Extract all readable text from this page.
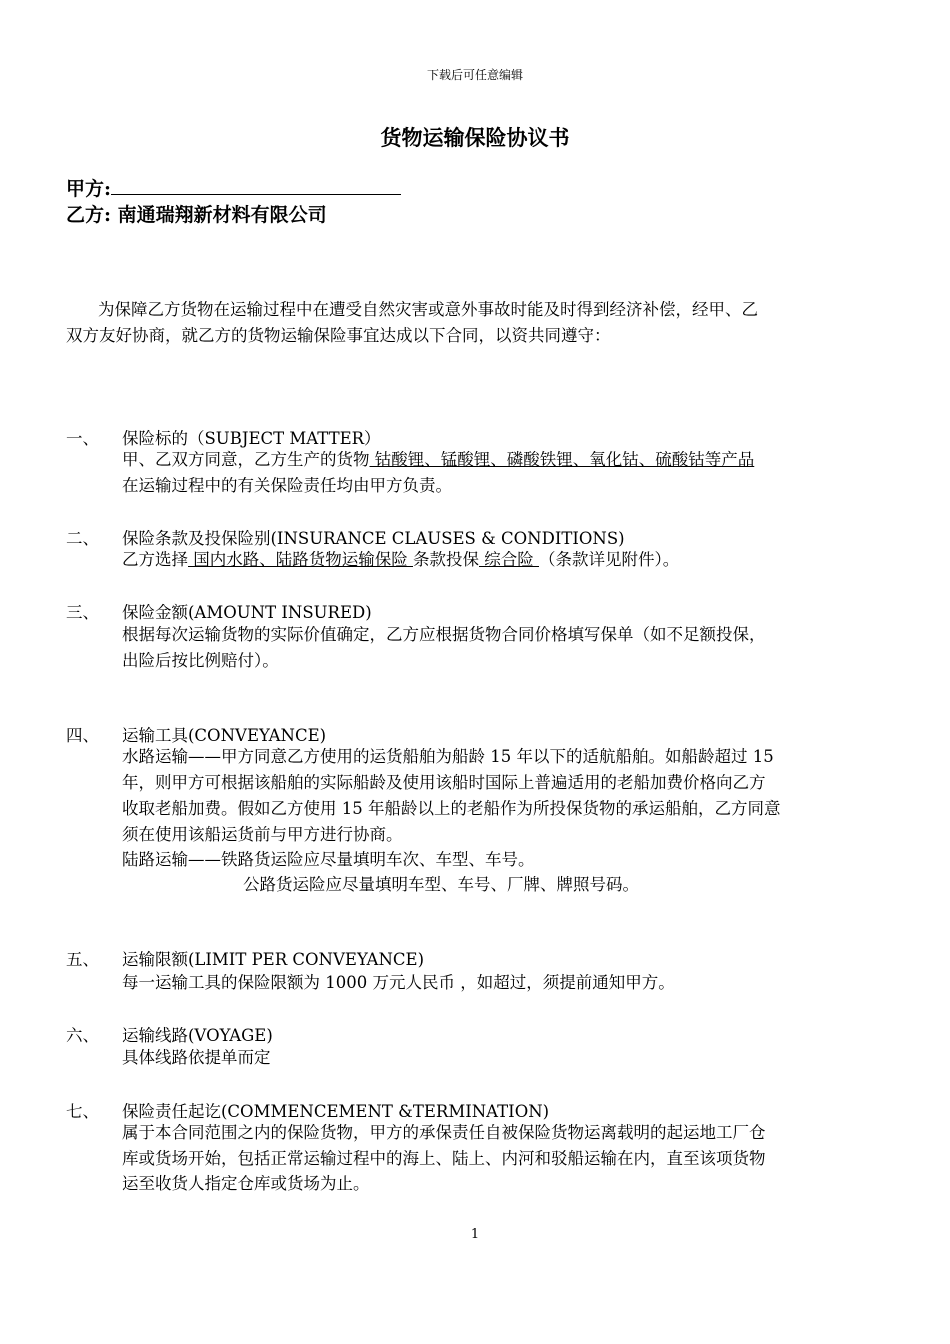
下载后可任意编辑
货物运输保险协议书
甲方:
乙方: 南通瑞翔新材料有限公司
为保障乙方货物在运输过程中在遭受自然灾害或意外事故时能及时得到经济补偿，经甲、乙
双方友好协商，就乙方的货物运输保险事宜达成以下合同，以资共同遵守：
一、 保险标的（SUBJECT MATTER）
甲、乙双方同意，乙方生产的货物 钴酸锂、锰酸锂、磷酸铁锂、氧化钴、硫酸钴等产品
在运输过程中的有关保险责任均由甲方负责。
二、 保险条款及投保险别(INSURANCE CLAUSES & CONDITIONS)
乙方选择 国内水路、陆路货物运输保险 条款投保 综合险 （条款详见附件）。
三、 保险金额(AMOUNT INSURED)
根据每次运输货物的实际价值确定，乙方应根据货物合同价格填写保单（如不足额投保，
出险后按比例赔付）。
四、 运输工具(CONVEYANCE)
水路运输——甲方同意乙方使用的运货船舶为船龄 15 年以下的适航船舶。如船龄超过 15
年，则甲方可根据该船舶的实际船龄及使用该船时国际上普遍适用的老船加费价格向乙方
收取老船加费。假如乙方使用 15 年船龄以上的老船作为所投保货物的承运船舶，乙方同意
须在使用该船运货前与甲方进行协商。
陆路运输——铁路货运险应尽量填明车次、车型、车号。
公路货运险应尽量填明车型、车号、厂牌、牌照号码。
五、 运输限额(LIMIT PER CONVEYANCE)
每一运输工具的保险限额为 1000 万元人民币 ，如超过，须提前通知甲方。
六、 运输线路(VOYAGE)
具体线路依提单而定
七、 保险责任起讫(COMMENCEMENT &TERMINATION)
属于本合同范围之内的保险货物，甲方的承保责任自被保险货物运离载明的起运地工厂仓
库或货场开始，包括正常运输过程中的海上、陆上、内河和驳船运输在内，直至该项货物
运至收货人指定仓库或货场为止。
1
